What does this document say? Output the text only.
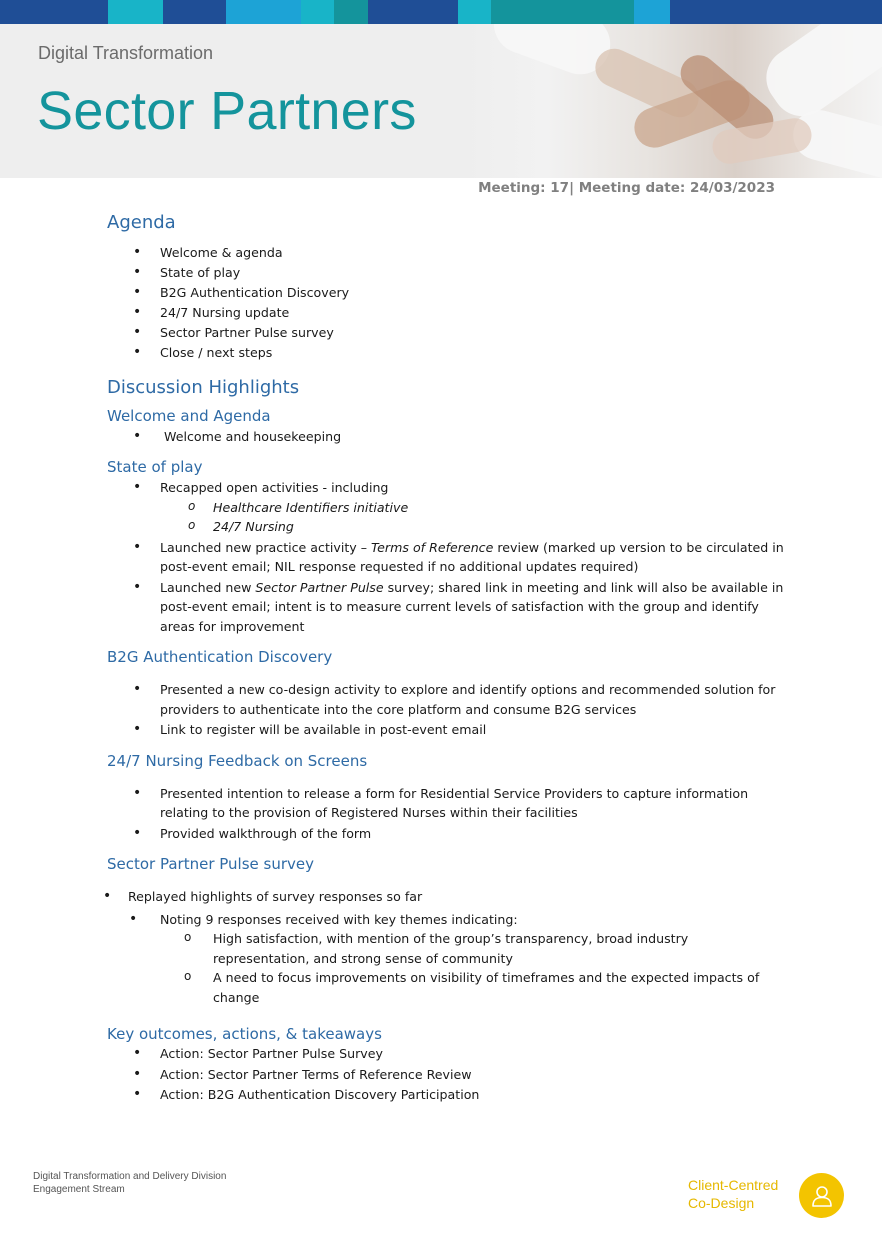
Digital Transformation
Sector Partners
Meeting: 17| Meeting date: 24/03/2023
Agenda
• Welcome & agenda
• State of play
• B2G Authentication Discovery
• 24/7 Nursing update
• Sector Partner Pulse survey
• Close / next steps
Discussion Highlights
Welcome and Agenda
• Welcome and housekeeping
State of play
• Recapped open activities - including
o Healthcare Identifiers initiative
o 24/7 Nursing
• Launched new practice activity – Terms of Reference review (marked up version to be circulated in post-event email; NIL response requested if no additional updates required)
• Launched new Sector Partner Pulse survey; shared link in meeting and link will also be available in post-event email; intent is to measure current levels of satisfaction with the group and identify areas for improvement
B2G Authentication Discovery
• Presented a new co-design activity to explore and identify options and recommended solution for providers to authenticate into the core platform and consume B2G services
• Link to register will be available in post-event email
24/7 Nursing Feedback on Screens
• Presented intention to release a form for Residential Service Providers to capture information relating to the provision of Registered Nurses within their facilities
• Provided walkthrough of the form
Sector Partner Pulse survey
• Replayed highlights of survey responses so far
• Noting 9 responses received with key themes indicating:
o High satisfaction, with mention of the group’s transparency, broad industry representation, and strong sense of community
o A need to focus improvements on visibility of timeframes and the expected impacts of change
Key outcomes, actions, & takeaways
• Action: Sector Partner Pulse Survey
• Action: Sector Partner Terms of Reference Review
• Action: B2G Authentication Discovery Participation
Digital Transformation and Delivery Division
Engagement Stream	Client-Centred
Co-Design
